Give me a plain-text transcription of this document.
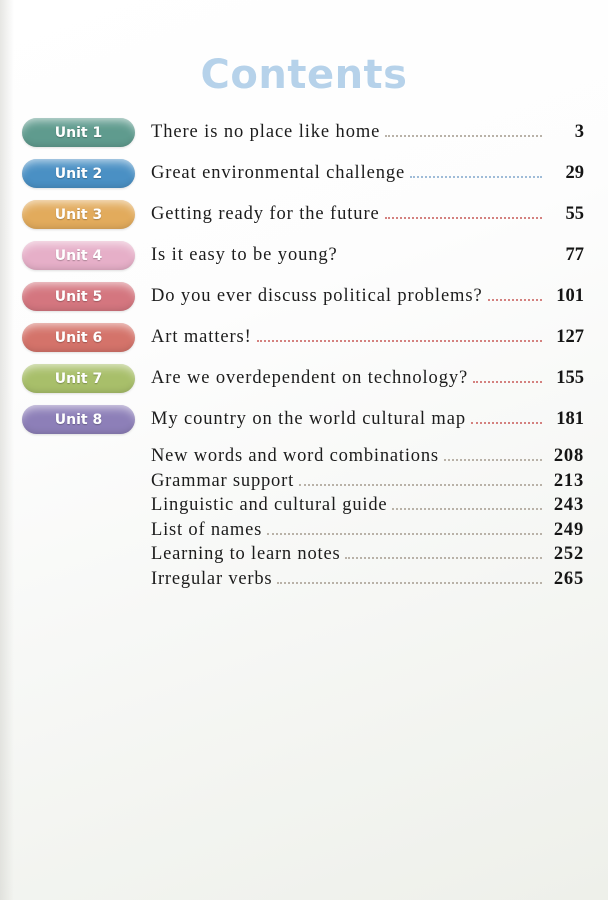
Contents

Unit 1	There is no place like home	3
Unit 2	Great environmental challenge	29
Unit 3	Getting ready for the future	55
Unit 4	Is it easy to be young?	77
Unit 5	Do you ever discuss political problems?	101
Unit 6	Art matters!	127
Unit 7	Are we overdependent on technology?	155
Unit 8	My country on the world cultural map	181
New words and word combinations	208
Grammar support	213
Linguistic and cultural guide	243
List of names	249
Learning to learn notes	252
Irregular verbs	265
